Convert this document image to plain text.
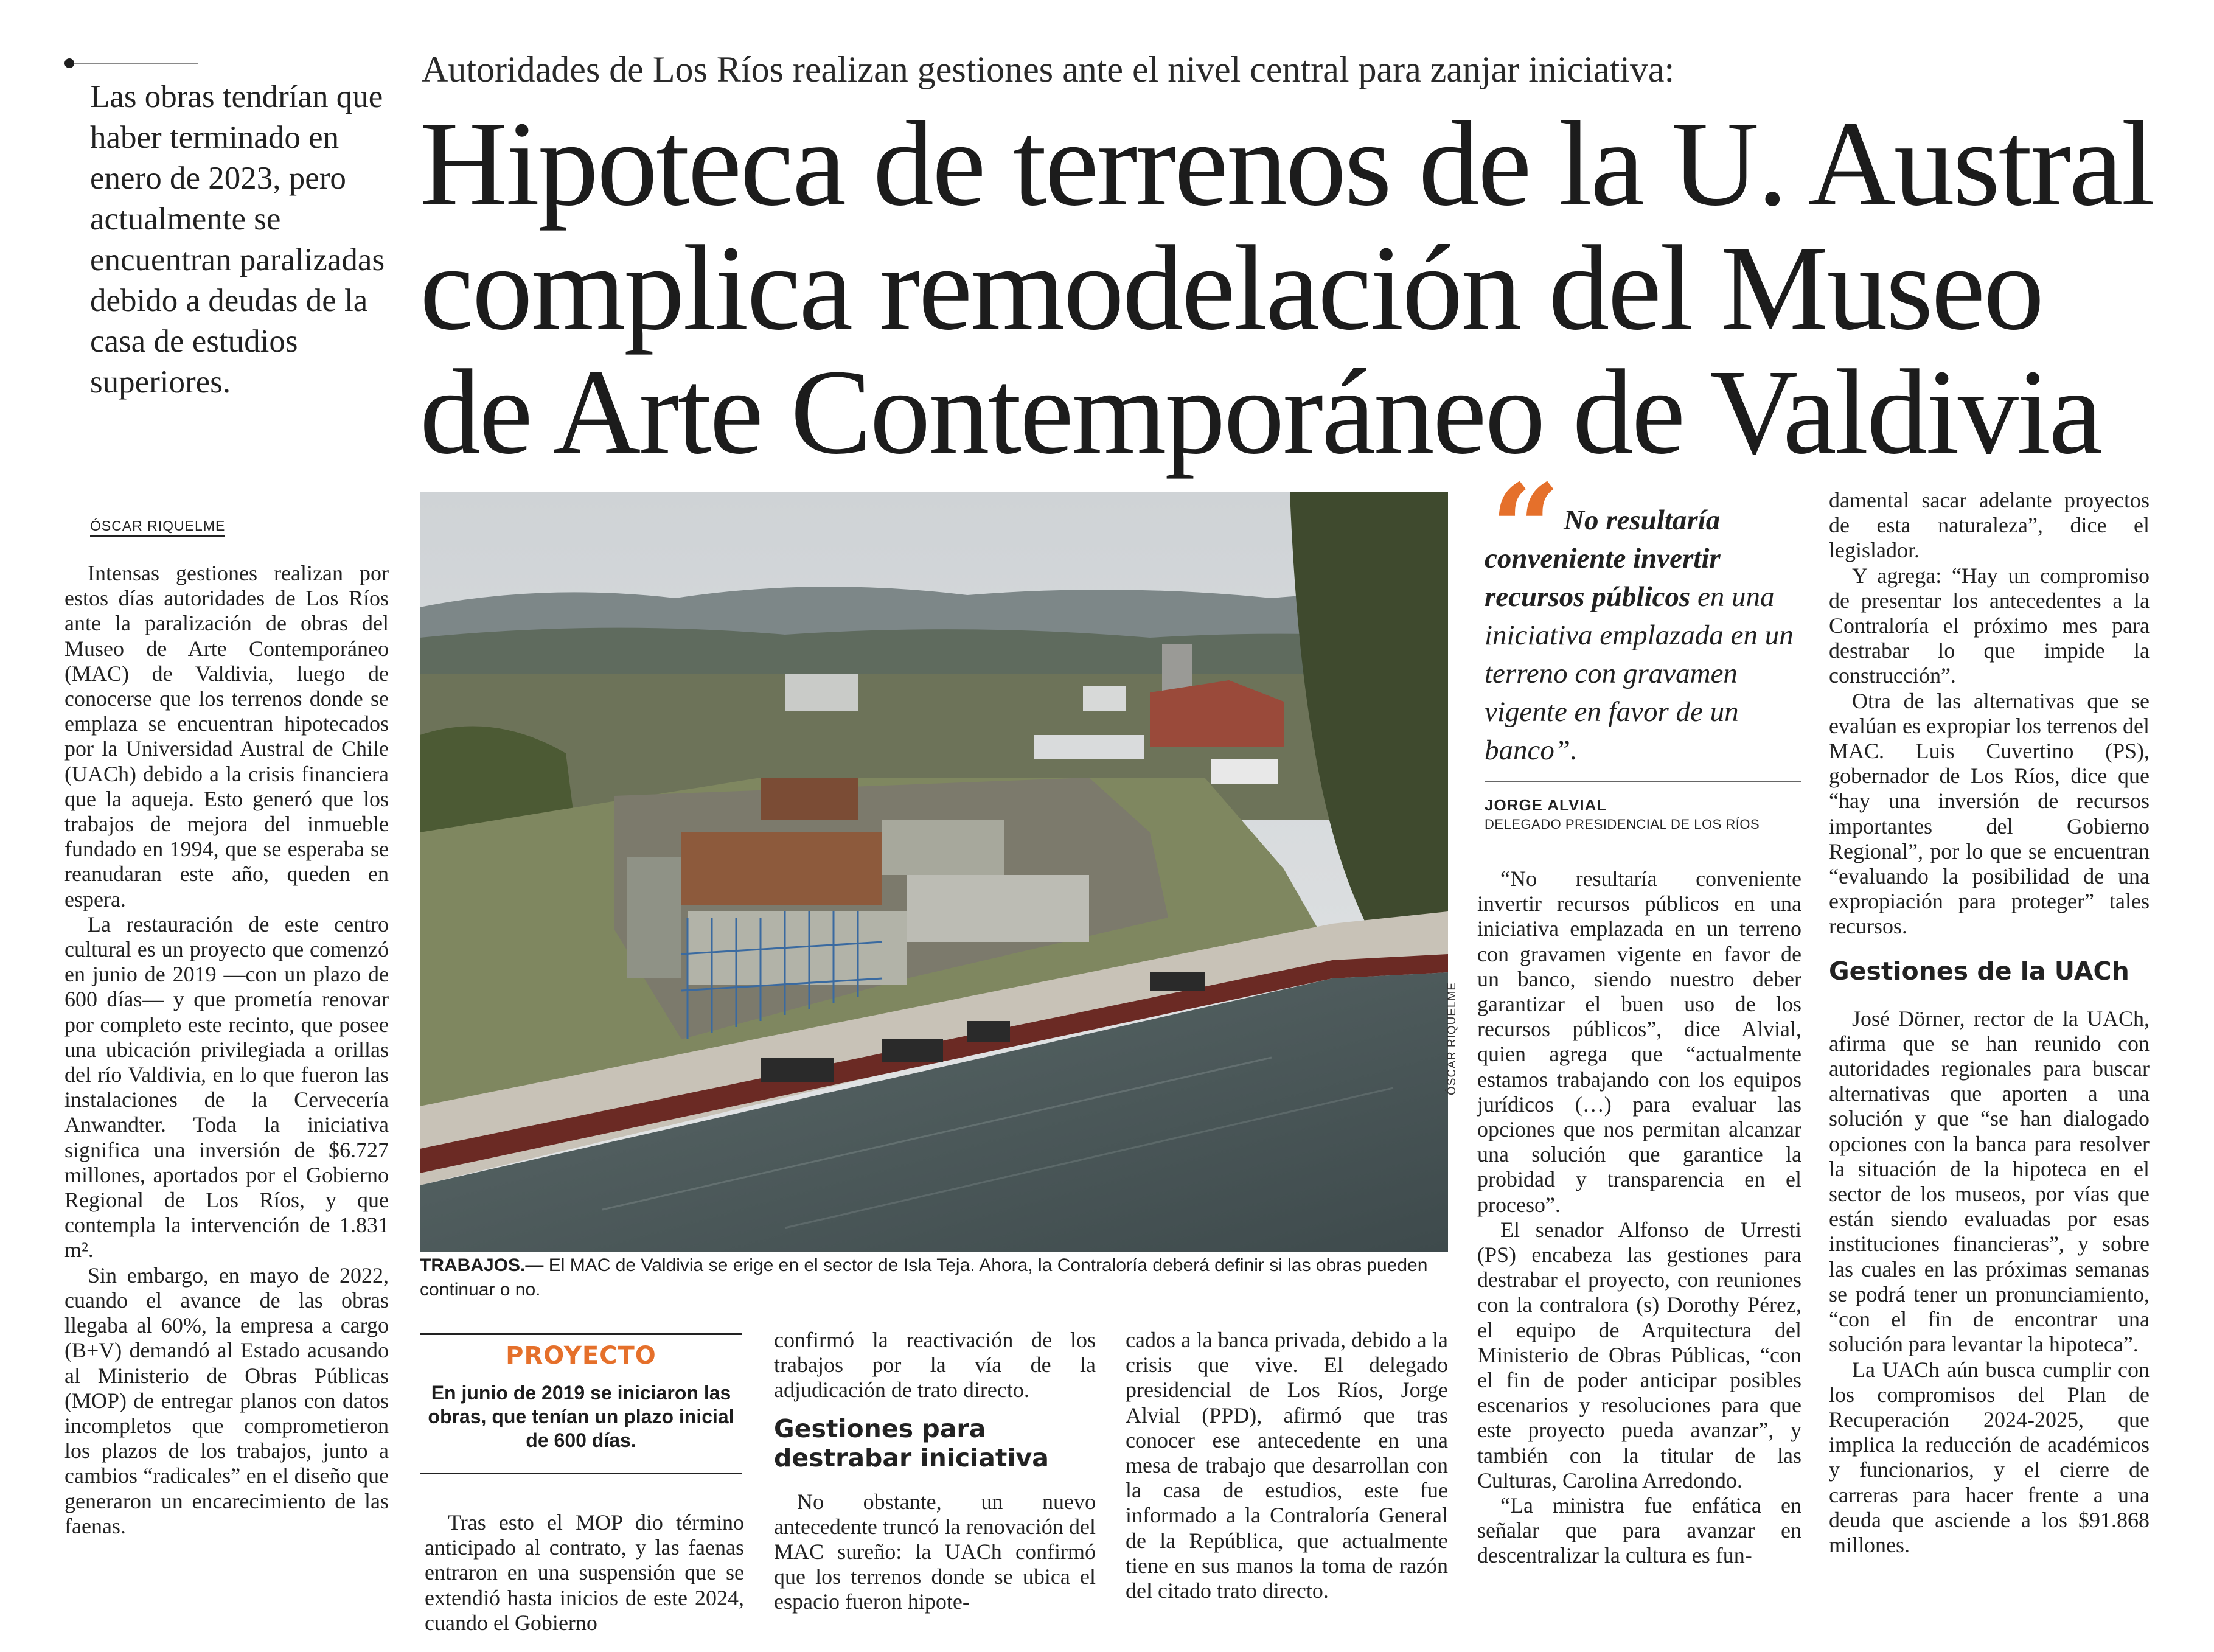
Las obras tendrían que haber terminado en enero de 2023, pero actualmente se encuentran paralizadas debido a deudas de la casa de estudios superiores.
ÓSCAR RIQUELME
Autoridades de Los Ríos realizan gestiones ante el nivel central para zanjar iniciativa:
Hipoteca de terrenos de la U. Austral
complica remodelación del Museo
de Arte Contemporáneo de Valdivia

Intensas gestiones realizan por estos días autoridades de Los Ríos ante la paralización de obras del Museo de Arte Contemporáneo (MAC) de Valdivia, luego de conocerse que los terrenos donde se emplaza se encuentran hipotecados por la Universidad Austral de Chile (UACh) debido a la crisis financiera que la aqueja. Esto generó que los trabajos de mejora del inmueble fundado en 1994, que se esperaba se reanudaran este año, queden en espera.

La restauración de este centro cultural es un proyecto que comenzó en junio de 2019 —con un plazo de 600 días— y que prometía renovar por completo este recinto, que posee una ubicación privilegiada a orillas del río Valdivia, en lo que fueron las instalaciones de la Cervecería Anwandter. Toda la iniciativa significa una inversión de $6.727 millones, aportados por el Gobierno Regional de Los Ríos, y que contempla la intervención de 1.831 m².

Sin embargo, en mayo de 2022, cuando el avance de las obras llegaba al 60%, la empresa a cargo (B+V) demandó al Estado acusando al Ministerio de Obras Públicas (MOP) de entregar planos con datos incompletos que comprometieron los plazos de los trabajos, junto a cambios “radicales” en el diseño que generaron un encarecimiento de las faenas.

ÓSCAR RIQUELME
TRABAJOS.— El MAC de Valdivia se erige en el sector de Isla Teja. Ahora, la Contraloría deberá definir si las obras pueden continuar o no.
PROYECTO
En junio de 2019 se iniciaron las obras, que tenían un plazo inicial de 600 días.

Tras esto el MOP dio término anticipado al contrato, y las faenas entraron en una suspensión que se extendió hasta inicios de este 2024, cuando el Gobierno

confirmó la reactivación de los trabajos por la vía de la adjudicación de trato directo.

Gestiones para destrabar iniciativa

No obstante, un nuevo antecedente truncó la renovación del MAC sureño: la UACh confirmó que los terrenos donde se ubica el espacio fueron hipote-

cados a la banca privada, debido a la crisis que vive. El delegado presidencial de Los Ríos, Jorge Alvial (PPD), afirmó que tras conocer ese antecedente en una mesa de trabajo que desarrollan con la casa de estudios, este fue informado a la Contraloría General de la República, que actualmente tiene en sus manos la toma de razón del citado trato directo.

“ No resultaría conveniente invertir recursos públicos en una iniciativa emplazada en un terreno con gravamen vigente en favor de un banco”.
JORGE ALVIAL
DELEGADO PRESIDENCIAL DE LOS RÍOS

“No resultaría conveniente invertir recursos públicos en una iniciativa emplazada en un terreno con gravamen vigente en favor de un banco, siendo nuestro deber garantizar el buen uso de los recursos públicos”, dice Alvial, quien agrega que “actualmente estamos trabajando con los equipos jurídicos (…) para evaluar las opciones que nos permitan alcanzar una solución que garantice la probidad y transparencia en el proceso”.

El senador Alfonso de Urresti (PS) encabeza las gestiones para destrabar el proyecto, con reuniones con la contralora (s) Dorothy Pérez, el equipo de Arquitectura del Ministerio de Obras Públicas, “con el fin de poder anticipar posibles escenarios y resoluciones para que este proyecto pueda avanzar”, y también con la titular de las Culturas, Carolina Arredondo.

“La ministra fue enfática en señalar que para avanzar en descentralizar la cultura es fun-

damental sacar adelante proyectos de esta naturaleza”, dice el legislador.

Y agrega: “Hay un compromiso de presentar los antecedentes a la Contraloría el próximo mes para destrabar lo que impide la construcción”.

Otra de las alternativas que se evalúan es expropiar los terrenos del MAC. Luis Cuvertino (PS), gobernador de Los Ríos, dice que “hay una inversión de recursos importantes del Gobierno Regional”, por lo que se encuentran “evaluando la posibilidad de una expropiación para proteger” tales recursos.

Gestiones de la UACh

José Dörner, rector de la UACh, afirma que se han reunido con autoridades regionales para buscar alternativas que aporten a una solución y que “se han dialogado opciones con la banca para resolver la situación de la hipoteca en el sector de los museos, por vías que están siendo evaluadas por esas instituciones financieras”, y sobre las cuales en las próximas semanas se podrá tener un pronunciamiento, “con el fin de encontrar una solución para levantar la hipoteca”.

La UACh aún busca cumplir con los compromisos del Plan de Recuperación 2024-2025, que implica la reducción de académicos y funcionarios, y el cierre de carreras para hacer frente a una deuda que asciende a los $91.868 millones.
